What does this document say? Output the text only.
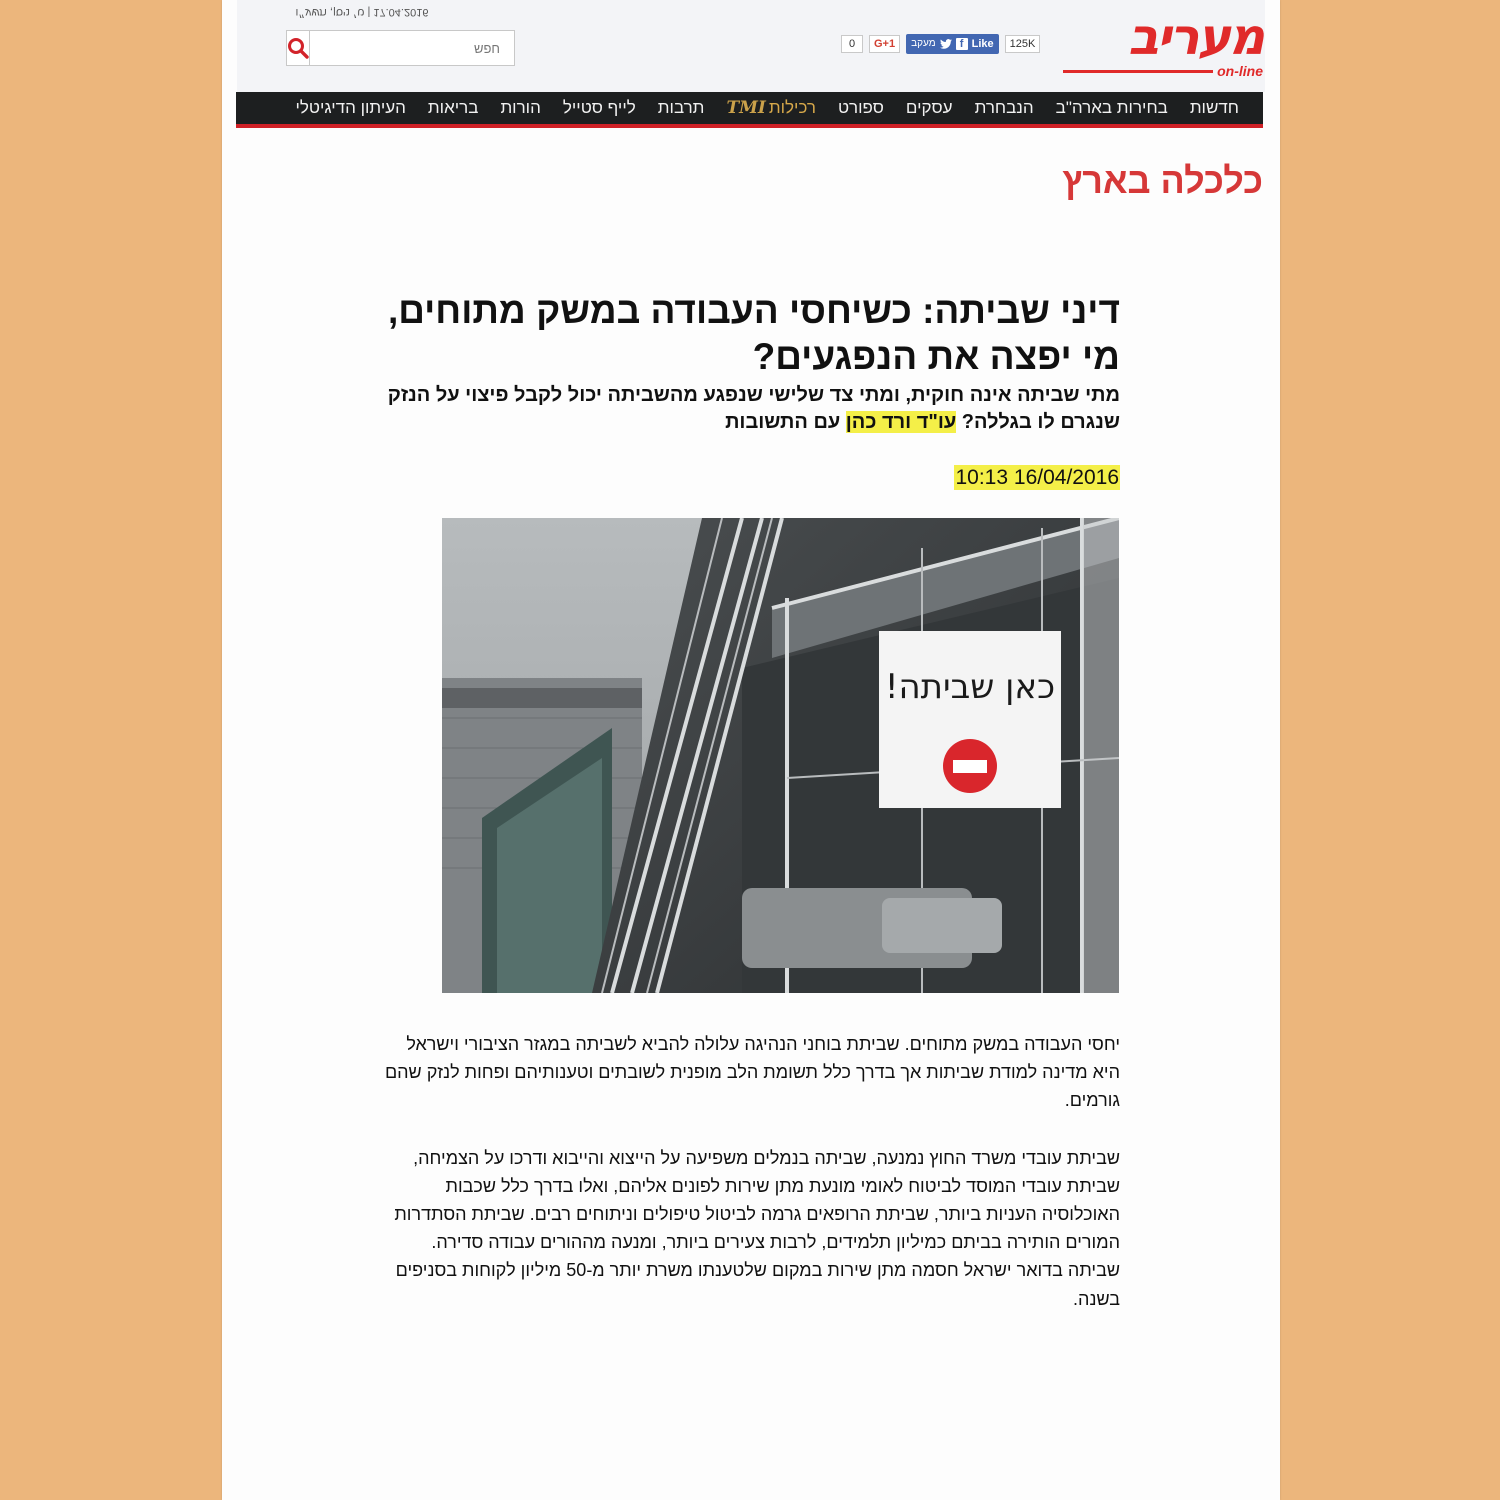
17.04.2016 | ט׳ ניסן, תשע״ו	מעריב
on-line
0	G+1	מעקב	f Like	125K
חפש
חדשות
בחירות בארה"ב
הנבחרת
עסקים
ספורט
רכילות
TMI
תרבות
לייף סטייל
הורות
בריאות
העיתון הדיגיטלי
כלכלה בארץ
דיני שביתה: כשיחסי העבודה במשק מתוחים, מי יפצה את הנפגעים?
מתי שביתה אינה חוקית, ומתי צד שלישי שנפגע מהשביתה יכול לקבל פיצוי על הנזק שנגרם לו בגללה? עו"ד ורד כהן עם התשובות
16/04/2016 10:13
כאן שביתה!

יחסי העבודה במשק מתוחים. שביתת בוחני הנהיגה עלולה להביא לשביתה במגזר הציבורי וישראל היא מדינה למודת שביתות אך בדרך כלל תשומת הלב מופנית לשובתים וטענותיהם ופחות לנזק שהם גורמים.

שביתת עובדי משרד החוץ נמנעה, שביתה בנמלים משפיעה על הייצוא והייבוא ודרכו על הצמיחה, שביתת עובדי המוסד לביטוח לאומי מונעת מתן שירות לפונים אליהם, ואלו בדרך כלל שכבות האוכלוסיה העניות ביותר, שביתת הרופאים גרמה לביטול טיפולים וניתוחים רבים. שביתת הסתדרות המורים הותירה בביתם כמיליון תלמידים, לרבות צעירים ביותר, ומנעה מההורים עבודה סדירה. שביתה בדואר ישראל חסמה מתן שירות במקום שלטענתו משרת יותר מ-50 מיליון לקוחות בסניפים בשנה.
